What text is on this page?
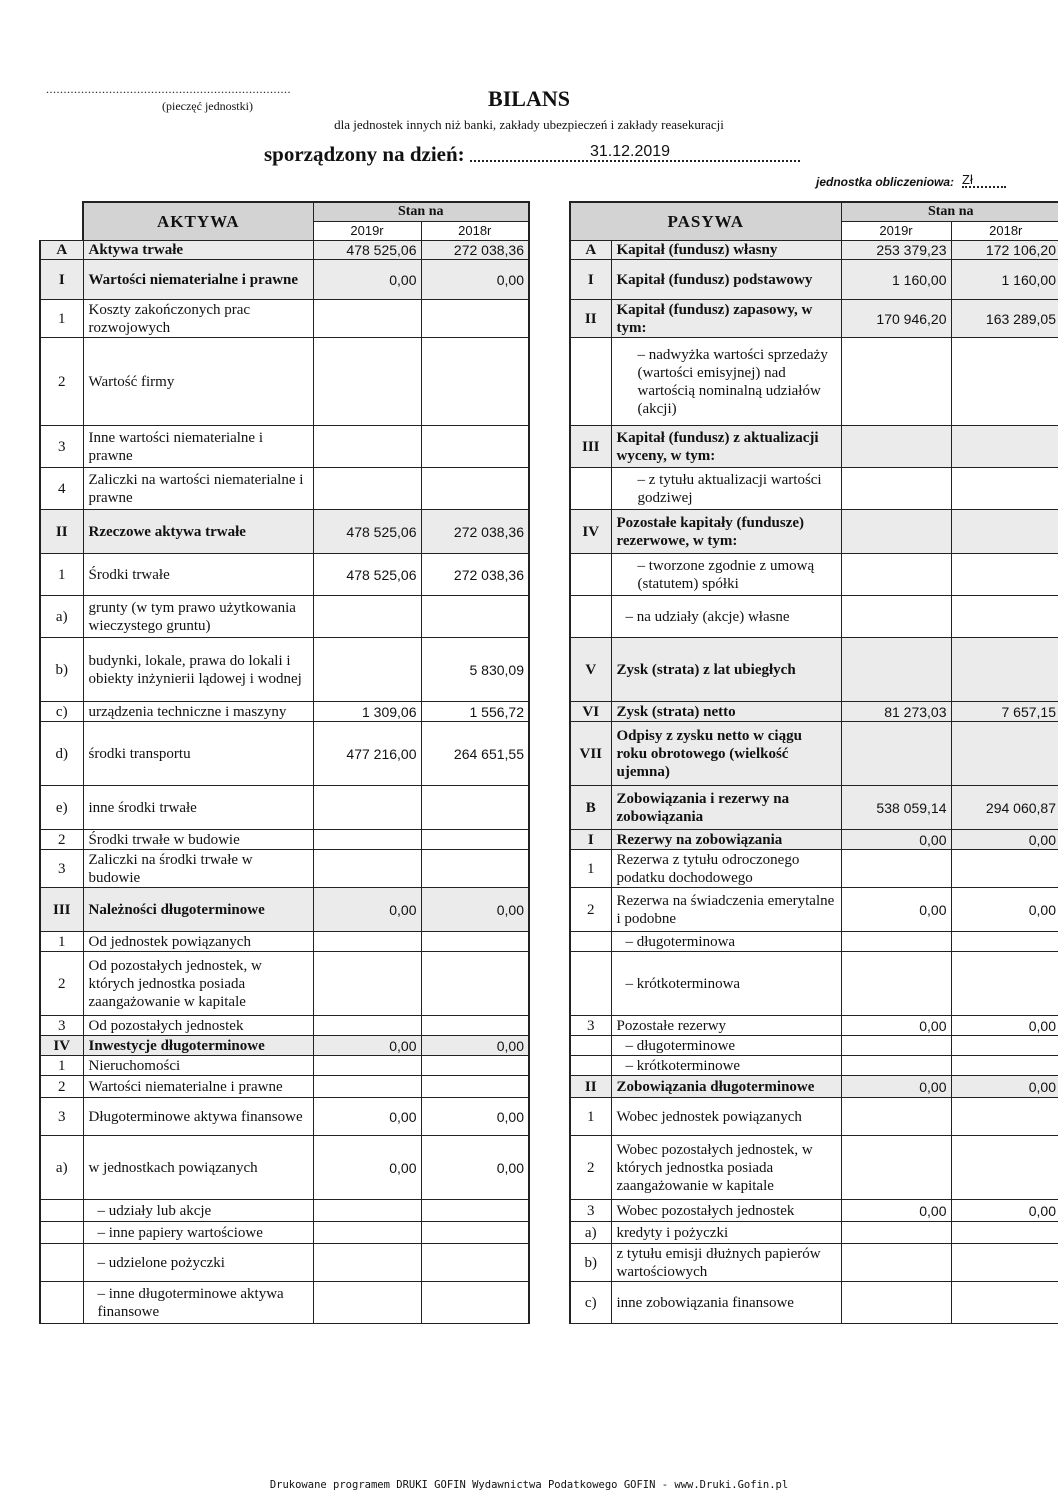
......................................................................
(pieczęć jednostki)	BILANS
dla jednostek innych niż banki, zakłady ubezpieczeń i zakłady reasekuracji
sporządzony na dzień:	31.12.2019
jednostka obliczeniowa: Zł
	AKTYWA	Stan na			PASYWA		Stan na	
		2019r	2018r				2019r	2018r
A	Aktywa trwałe	478 525,06	272 038,36		A	Kapitał (fundusz) własny	253 379,23	172 106,20
I	Wartości niematerialne i prawne	0,00	0,00		I	Kapitał (fundusz) podstawowy	1 160,00	1 160,00
1	Koszty zakończonych prac rozwojowych				II	Kapitał (fundusz) zapasowy, w tym:	170 946,20	163 289,05
2	Wartość firmy					– nadwyżka wartości sprzedaży (wartości emisyjnej) nad wartością nominalną udziałów (akcji)		
3	Inne wartości niematerialne i prawne				III	Kapitał (fundusz) z aktualizacji wyceny, w tym:		
4	Zaliczki na wartości niematerialne i prawne					– z tytułu aktualizacji wartości godziwej		
II	Rzeczowe aktywa trwałe	478 525,06	272 038,36		IV	Pozostałe kapitały (fundusze) rezerwowe, w tym:		
1	Środki trwałe	478 525,06	272 038,36			– tworzone zgodnie z umową (statutem) spółki		
a)	grunty (w tym prawo użytkowania wieczystego gruntu)					– na udziały (akcje) własne		
b)	budynki, lokale, prawa do lokali i obiekty inżynierii lądowej i wodnej		5 830,09		V	Zysk (strata) z lat ubiegłych		
c)	urządzenia techniczne i maszyny	1 309,06	1 556,72		VI	Zysk (strata) netto	81 273,03	7 657,15
d)	środki transportu	477 216,00	264 651,55		VII	Odpisy z zysku netto w ciągu roku obrotowego (wielkość ujemna)		
e)	inne środki trwałe				B	Zobowiązania i rezerwy na zobowiązania	538 059,14	294 060,87
2	Środki trwałe w budowie				I	Rezerwy na zobowiązania	0,00	0,00
3	Zaliczki na środki trwałe w budowie				1	Rezerwa z tytułu odroczonego podatku dochodowego		
III	Należności długoterminowe	0,00	0,00		2	Rezerwa na świadczenia emerytalne i podobne	0,00	0,00
1	Od jednostek powiązanych					– długoterminowa		
2	Od pozostałych jednostek, w których jednostka posiada zaangażowanie w kapitale					– krótkoterminowa		
3	Od pozostałych jednostek				3	Pozostałe rezerwy	0,00	0,00
IV	Inwestycje długoterminowe	0,00	0,00			– długoterminowe		
1	Nieruchomości					– krótkoterminowe		
2	Wartości niematerialne i prawne				II	Zobowiązania długoterminowe	0,00	0,00
3	Długoterminowe aktywa finansowe	0,00	0,00		1	Wobec jednostek powiązanych		
a)	w jednostkach powiązanych	0,00	0,00		2	Wobec pozostałych jednostek, w których jednostka posiada zaangażowanie w kapitale		
	– udziały lub akcje				3	Wobec pozostałych jednostek	0,00	0,00
	– inne papiery wartościowe				a)	kredyty i pożyczki		
	– udzielone pożyczki				b)	z tytułu emisji dłużnych papierów wartościowych		
	– inne długoterminowe aktywa finansowe				c)	inne zobowiązania finansowe		
Drukowane programem DRUKI GOFIN Wydawnictwa Podatkowego GOFIN - www.Druki.Gofin.pl
